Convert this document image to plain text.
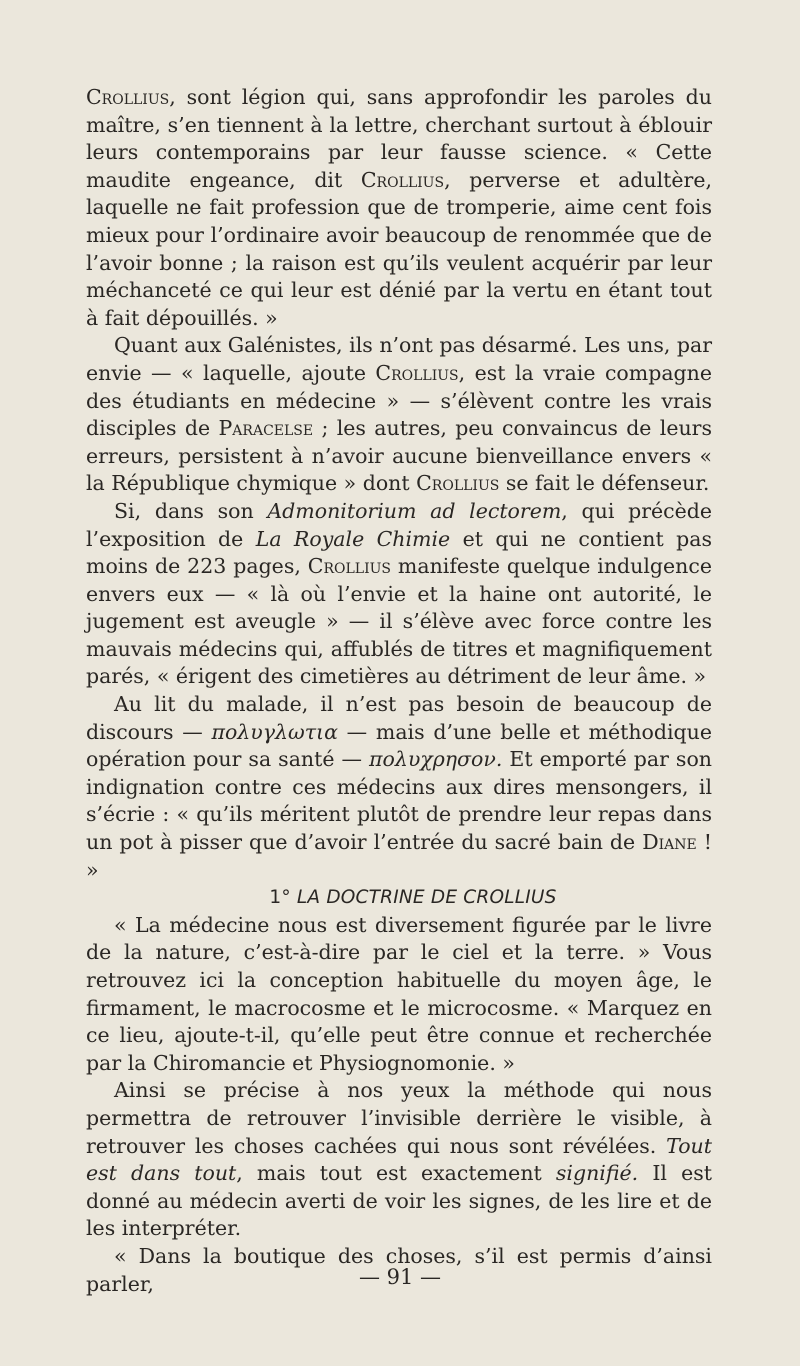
Crollius, sont légion qui, sans approfondir les paroles du maître, s’en tiennent à la lettre, cherchant surtout à éblouir leurs contemporains par leur fausse science. « Cette maudite engeance, dit Crollius, perverse et adultère, laquelle ne fait profession que de tromperie, aime cent fois mieux pour l’ordinaire avoir beaucoup de renommée que de l’avoir bonne ; la raison est qu’ils veulent acquérir par leur méchanceté ce qui leur est dénié par la vertu en étant tout à fait dépouillés. »

Quant aux Galénistes, ils n’ont pas désarmé. Les uns, par envie — « laquelle, ajoute Crollius, est la vraie compagne des étudiants en médecine » — s’élèvent contre les vrais disciples de Paracelse ; les autres, peu convaincus de leurs erreurs, persistent à n’avoir aucune bienveillance envers « la République chymique » dont Crollius se fait le défenseur.

Si, dans son Admonitorium ad lectorem, qui précède l’exposition de La Royale Chimie et qui ne contient pas moins de 223 pages, Crollius manifeste quelque indulgence envers eux — « là où l’envie et la haine ont autorité, le jugement est aveugle » — il s’élève avec force contre les mauvais médecins qui, affublés de titres et magnifiquement parés, « érigent des cimetières au détriment de leur âme. »

Au lit du malade, il n’est pas besoin de beaucoup de discours — πολυγλωτια — mais d’une belle et méthodique opération pour sa santé — πολυχρησον. Et emporté par son indignation contre ces médecins aux dires mensongers, il s’écrie : « qu’ils méritent plutôt de prendre leur repas dans un pot à pisser que d’avoir l’entrée du sacré bain de Diane ! »

1° LA DOCTRINE DE CROLLIUS

« La médecine nous est diversement figurée par le livre de la nature, c’est-à-dire par le ciel et la terre. » Vous retrouvez ici la conception habituelle du moyen âge, le firmament, le macrocosme et le microcosme. « Marquez en ce lieu, ajoute-t-il, qu’elle peut être connue et recherchée par la Chiromancie et Physiognomonie. »

Ainsi se précise à nos yeux la méthode qui nous permettra de retrouver l’invisible derrière le visible, à retrouver les choses cachées qui nous sont révélées. Tout est dans tout, mais tout est exactement signifié. Il est donné au médecin averti de voir les signes, de les lire et de les interpréter.

« Dans la boutique des choses, s’il est permis d’ainsi parler,	— 91 —
